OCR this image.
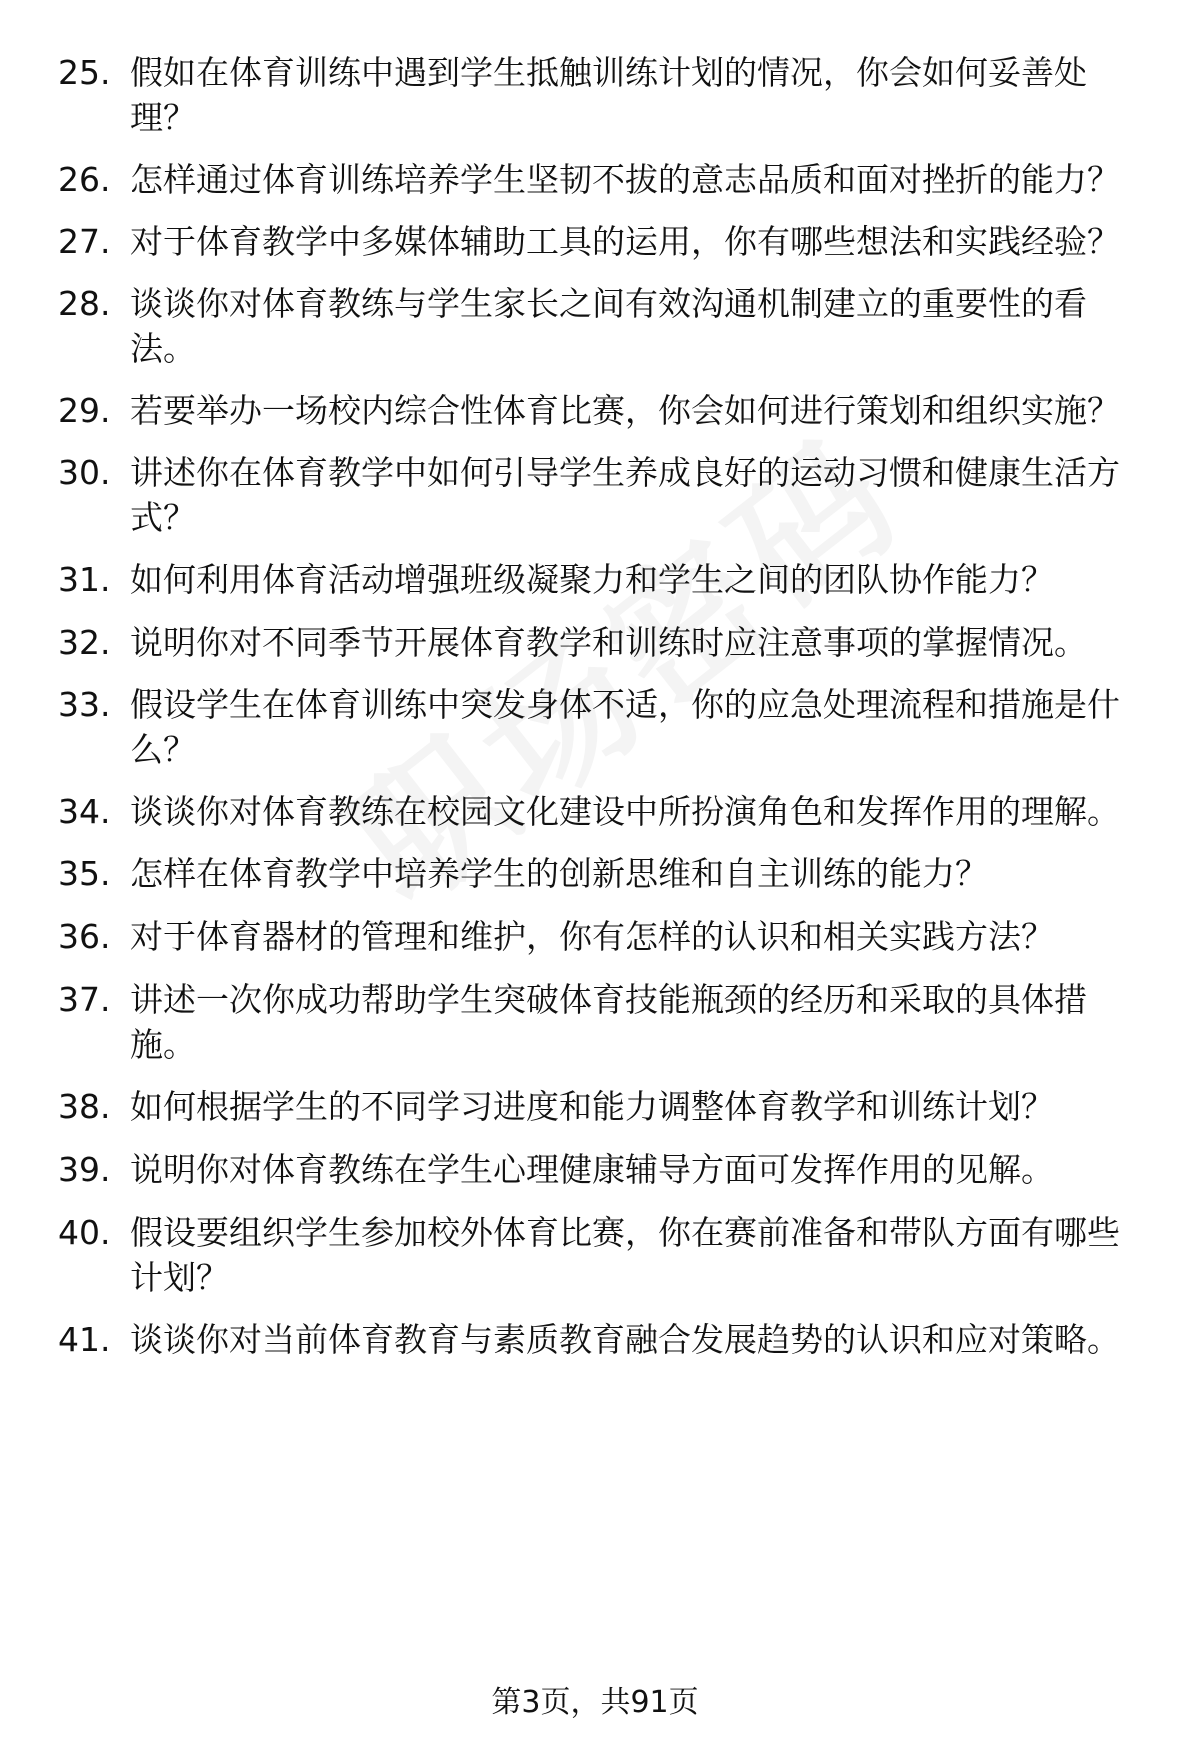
25. 假如在体育训练中遇到学生抵触训练计划的情况，你会如何妥善处理？
26. 怎样通过体育训练培养学生坚韧不拔的意志品质和面对挫折的能力？
27. 对于体育教学中多媒体辅助工具的运用，你有哪些想法和实践经验？
28. 谈谈你对体育教练与学生家长之间有效沟通机制建立的重要性的看法。
29. 若要举办一场校内综合性体育比赛，你会如何进行策划和组织实施？
30. 讲述你在体育教学中如何引导学生养成良好的运动习惯和健康生活方式？
31. 如何利用体育活动增强班级凝聚力和学生之间的团队协作能力？
32. 说明你对不同季节开展体育教学和训练时应注意事项的掌握情况。
33. 假设学生在体育训练中突发身体不适，你的应急处理流程和措施是什么？
34. 谈谈你对体育教练在校园文化建设中所扮演角色和发挥作用的理解。
35. 怎样在体育教学中培养学生的创新思维和自主训练的能力？
36. 对于体育器材的管理和维护，你有怎样的认识和相关实践方法？
37. 讲述一次你成功帮助学生突破体育技能瓶颈的经历和采取的具体措施。
38. 如何根据学生的不同学习进度和能力调整体育教学和训练计划？
39. 说明你对体育教练在学生心理健康辅导方面可发挥作用的见解。
40. 假设要组织学生参加校外体育比赛，你在赛前准备和带队方面有哪些计划？
41. 谈谈你对当前体育教育与素质教育融合发展趋势的认识和应对策略。
第3页，共91页
